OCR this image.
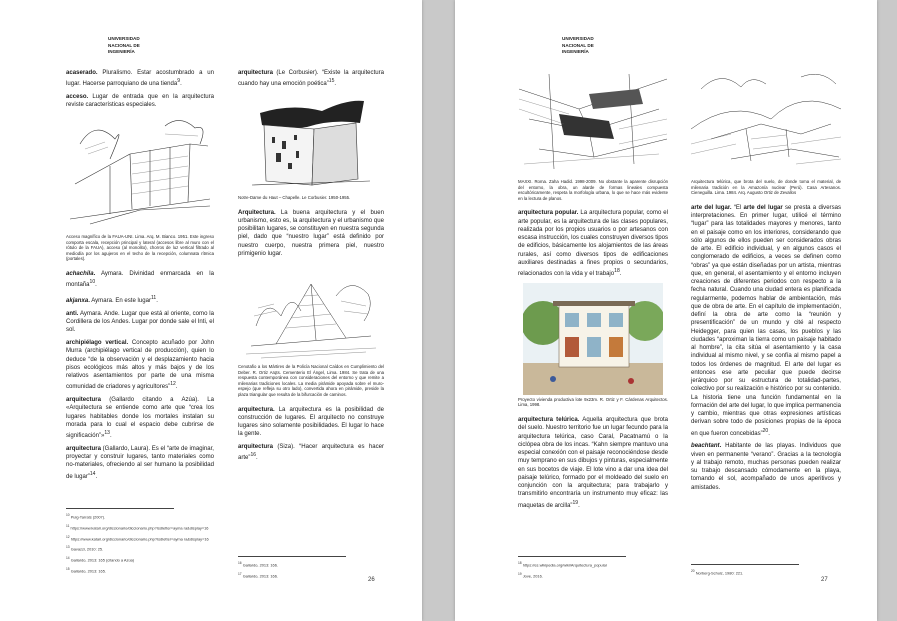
UNIVERSIDAD
NACIONAL DE
INGENIERÍA

acaserado. Pluralismo. Estar acostumbrado a un lugar. Hacerse parroquiano de una tienda$^9$.

acceso. Lugar de entrada que en la arquitectura reviste características especiales.

Acceso magnífico de la FAUA-UNI. Lima. Arq. M. Bianco. 1951. Este ingreso comporta escala, recepción principal y lateral (accesos libre al muro con el rótulo de la FAUA), acceso (al monolito), chorros de luz vertical filtrado al mediodía por los agujeros en el techo de la recepción, columnata rítmica (portales).

achachila. Aymara. Divinidad enmarcada en la montaña$^{10}$.

akjanxa. Aymara. En este lugar$^{11}$.

anti. Aymara. Ande. Lugar que está al oriente, como la Cordillera de los Andes. Lugar por donde sale el Inti, el sol.

archipiélago vertical. Concepto acuñado por John Murra (archipiélago vertical de producción), quien lo deduce “de la observación y el desplazamiento hacia pisos ecológicos más altos y más bajos y de los relativos asentamientos por parte de una misma comunidad de criadores y agricultores”$^{12}$.

arquitectura (Gallardo citando a Azúa). La «Arquitectura se entiende como arte que “crea los lugares habitables donde los mortales instalan su morada para lo cual el espacio debe cubrirse de significación”»$^{13}$.

arquitectura (Gallardo, Laura). Es el “arte de imaginar, proyectar y construir lugares, tanto materiales como no-materiales, ofreciendo al ser humano la posibilidad de lugar”$^{14}$.

arquitectura (Le Corbusier). “Existe la arquitectura cuando hay una emoción poética”$^{15}$.

Notre-Dame du Haut – Chapelle. Le Corbusier. 1950-1955.

Arquitectura. La buena arquitectura y el buen urbanismo, esto es, la arquitectura y el urbanismo que posibilitan lugares, se constituyen en nuestra segunda piel, dado que “nuestro lugar” está definido por nuestro cuerpo, nuestra primera piel, nuestro primigenio lugar.

Cenotafio a los Mártires de la Policía Nacional Caídos en Cumplimiento del Deber. R. Ortiz Arqts. Cementerio El Ángel, Lima. 1984. Se trata de una respuesta contemporánea con consideraciones del entorno y que remite a milenarias tradiciones locales. La media pirámide apoyada sobre el muro-espejo (que refleja su otro lado), convertida ahora en pirámide, preside la plaza triangular que resulta de la bifurcación de caminos.

arquitectura. La arquitectura es la posibilidad de construcción de lugares. El arquitecto no construye lugares sino solamente posibilidades. El lugar lo hace la gente.

arquitectura (Siza). “Hacer arquitectura es hacer arte”$^{16}$.

$^{10}$ Pulg-Tarrats (2007).

$^{11}$ https://www.katari.org/diccionario/diccionario.php?IsdIetter=ayma ra&display=16

$^{12}$ https://www.katari.org/diccionario/diccionario.php?IsdIetter=ayma ra&display=16

$^{13}$ Gavazzi, 2010: 25.

$^{14}$ Gallardo, 2013: 165 (citando a Azúa)

$^{15}$ Gallardo, 2013: 165.

$^{16}$ Gallardo, 2013: 166.

$^{17}$ Gallardo, 2013: 166.

26
UNIVERSIDAD
NACIONAL DE
INGENIERÍA
MAXXI. Roma. Zaha Hadid. 1998-2009. No obstante la aparente disrupción del entorno, la obra, un alarde de formas lineales compuesta escultóricamente, respeta la morfología urbana, lo que se hace más evidente en la lectura de planos.

arquitectura popular. La arquitectura popular, como el arte popular, es la arquitectura de las clases populares, realizada por los propios usuarios o por artesanos con escasa instrucción, los cuales construyen diversos tipos de edificios, básicamente los alojamientos de las áreas rurales, así como diversos tipos de edificaciones auxiliares destinadas a fines propios o secundarios, relacionados con la vida y el trabajo$^{18}$.

Proyecto vivienda productiva lote 9x23m. R. Ortiz y F. Cárdenas Arquitectos. Lima, 1998.

arquitectura telúrica. Aquella arquitectura que brota del suelo. Nuestro territorio fue un lugar fecundo para la arquitectura telúrica, caso Caral, Pacatnamú o la ciclópea obra de los incas. “Kahn siempre mantuvo una especial conexión con el paisaje reconociéndose desde muy temprano en sus dibujos y pinturas, especialmente en sus bocetos de viaje. El lote vino a dar una idea del paisaje telúrico, formado por el moldeado del suelo en conjunción con la arquitectura; para trabajarlo y transmitirlo encontraría un instrumento muy eficaz: las maquetas de arcilla”$^{19}$.

Arquitectura telúrica, que brota del suelo, de donde toma el material, de milenaria tradición en la Amazonía nuclear (Perú). Casa Artesanos. Cieneguilla. Lima. 1984. Arq. Augusto Ortiz de Zevallos

arte del lugar. “El arte del lugar se presta a diversas interpretaciones. En primer lugar, utilicé el término “lugar” para las totalidades mayores y menores, tanto en el paisaje como en los interiores, considerando que sólo algunos de ellos pueden ser considerados obras de arte. El edificio individual, y en algunos casos el conglomerado de edificios, a veces se definen como “obras” ya que están diseñadas por un artista, mientras que, en general, el asentamiento y el entorno incluyen creaciones de diferentes periodos con respecto a la fecha natural. Cuando una ciudad entera es planificada regularmente, podemos hablar de ambientación, más que de obra de arte. En el capítulo de implementación, definí la obra de arte como la “reunión y presentificación” de un mundo y cité al respecto Heidegger, para quien las casas, los pueblos y las ciudades “aproximan la tierra como un paisaje habitado al hombre”, la cita sitúa el asentamiento y la casa individual al mismo nivel, y se confía al mismo papel a todos los órdenes de magnitud. El arte del lugar es entonces ese arte peculiar que puede decirse jerárquico por su estructura de totalidad-partes, colectivo por su realización e histórico por su contenido. La historia tiene una función fundamental en la formación del arte del lugar, lo que implica permanencia y cambio, mientras que otras expresiones artísticas derivan sobre todo de posiciones propias de la época en que fueron concebidas”$^{20}$.

beachtant. Habitante de las playas. Individuos que viven en permanente “verano”. Gracias a la tecnología y al trabajo remoto, muchas personas pueden realizar su trabajo descansado cómodamente en la playa, tomando el sol, acompañado de unos aperitivos y amistades.

$^{18}$ https://es.wikipedia.org/wiki/Arquitectura_popular

$^{19}$ Jove, 2016.

$^{20}$ Norberg-Schulz, 1980: 221.

27
